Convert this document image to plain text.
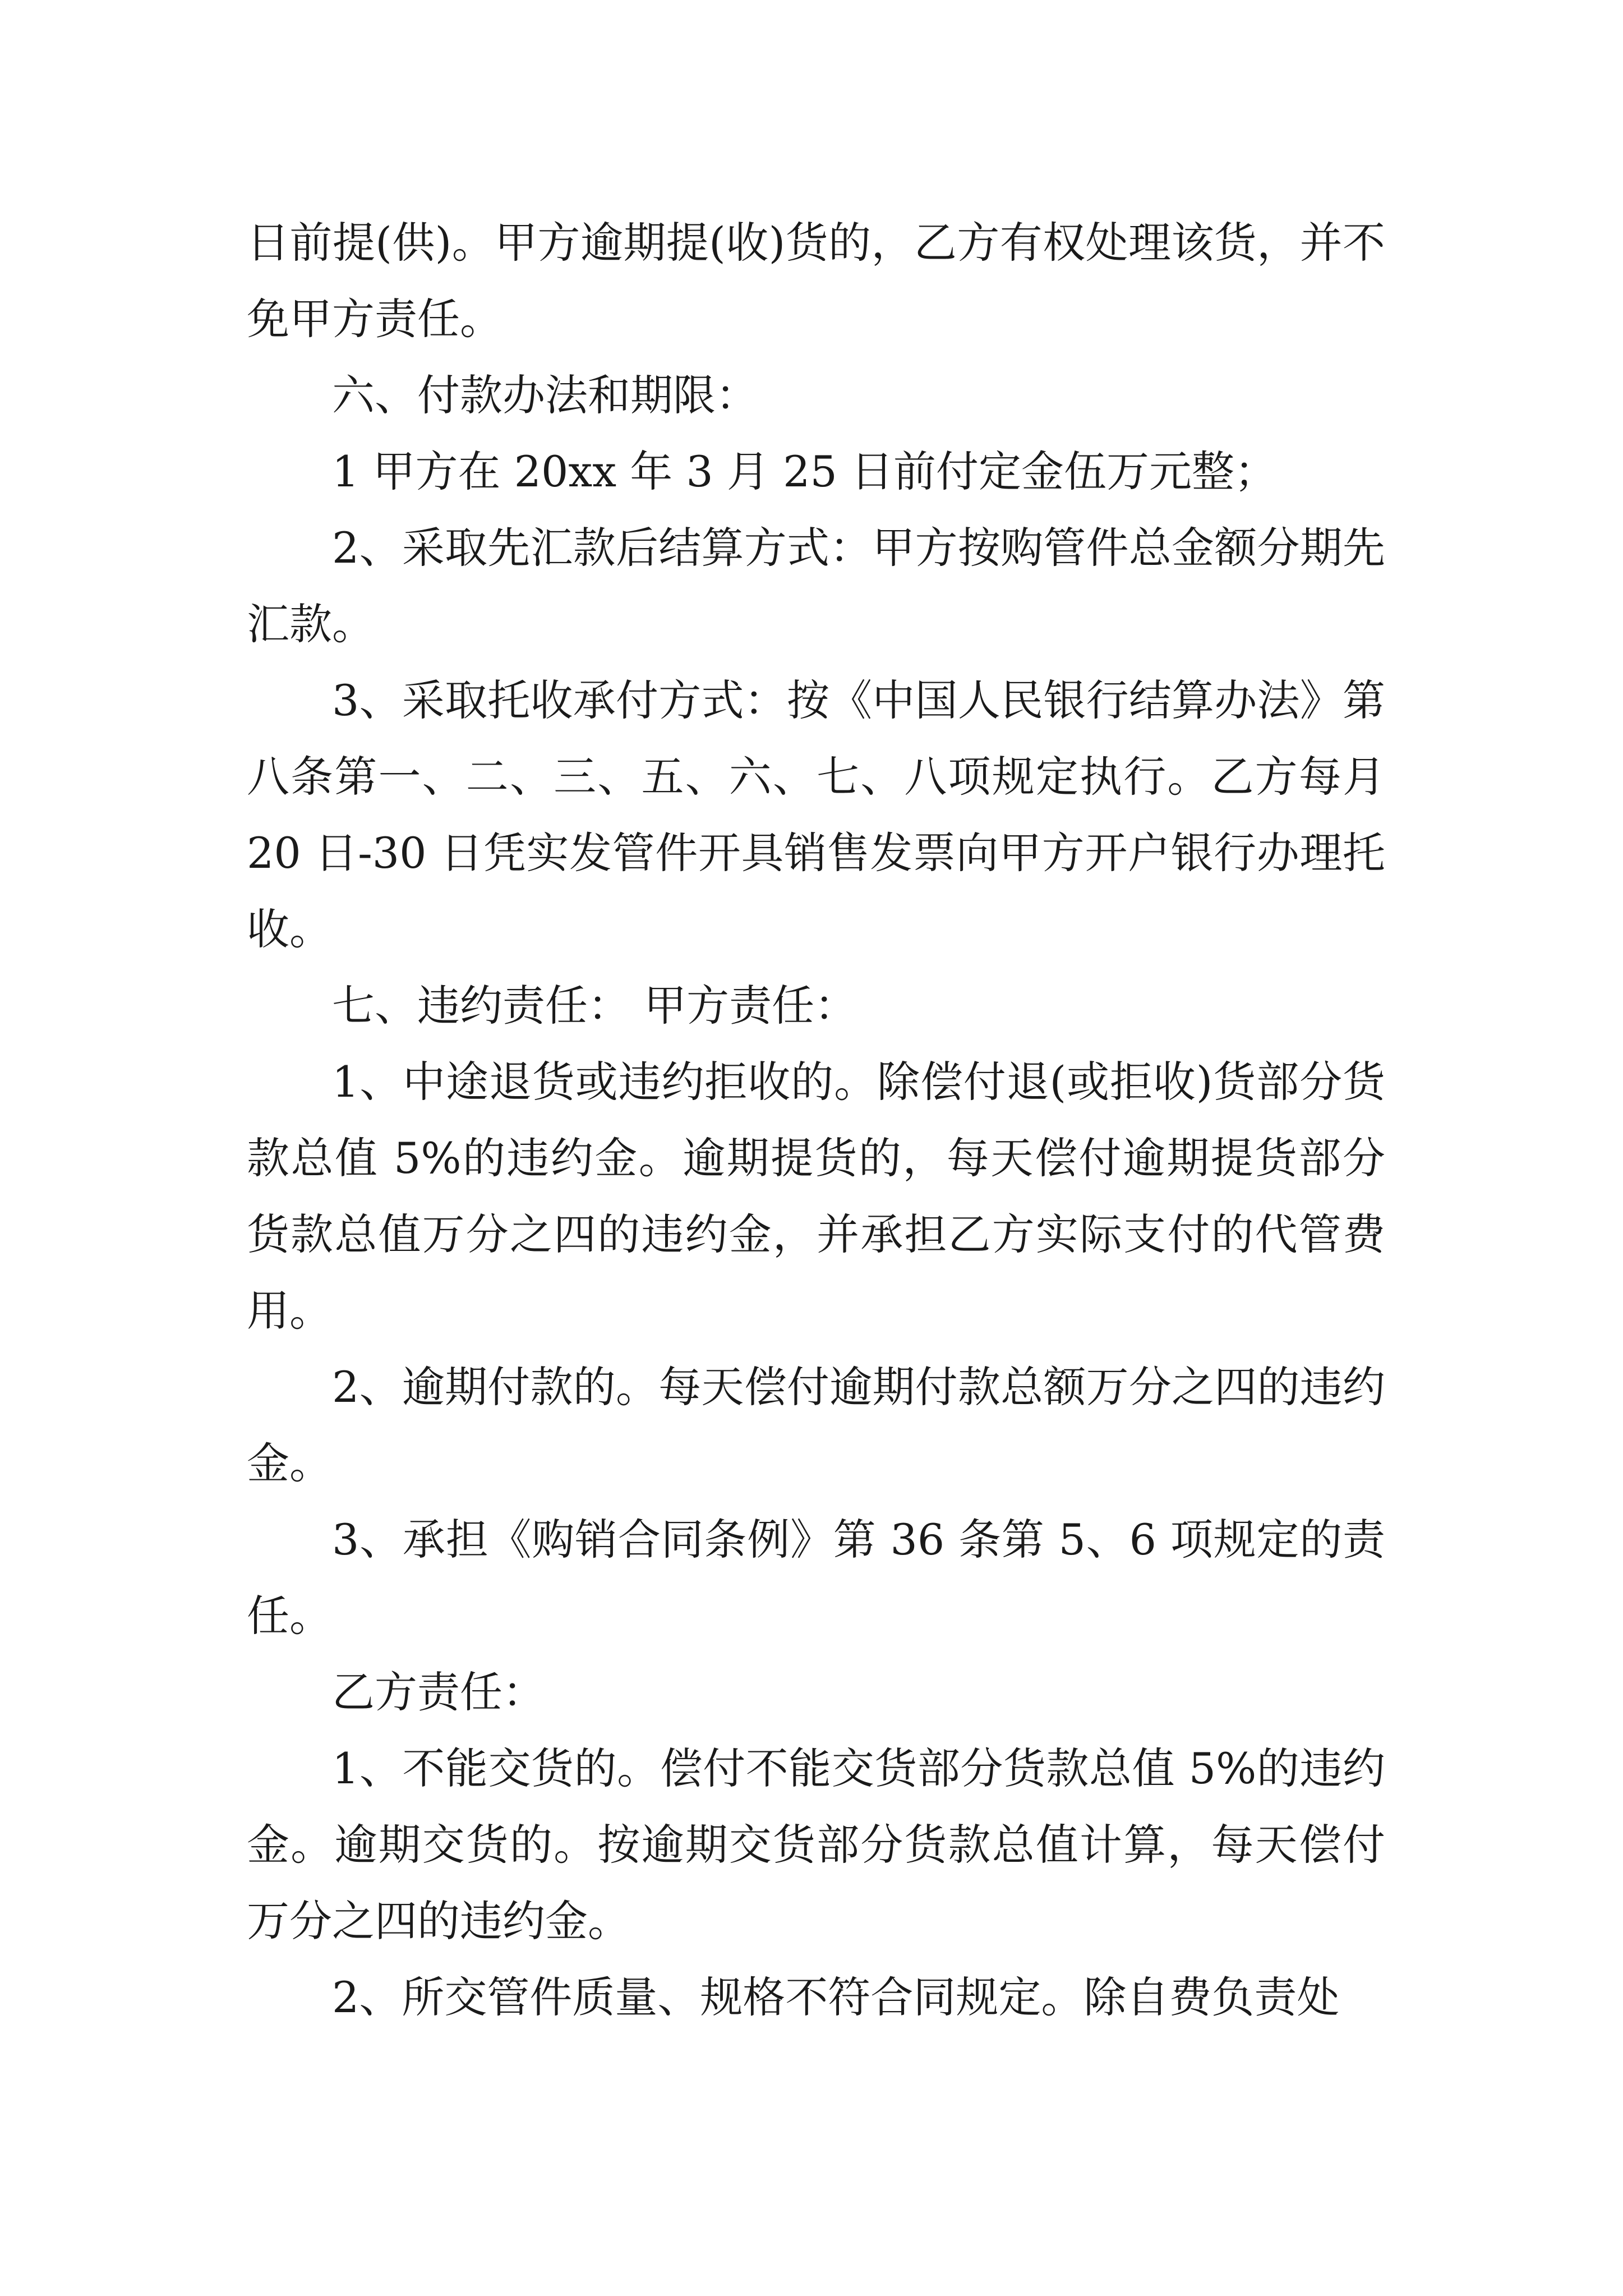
日前提(供)。甲方逾期提(收)货的，乙方有权处理该货，并不免甲方责任。

六、付款办法和期限：

1 甲方在 20xx 年 3 月 25 日前付定金伍万元整；

2、采取先汇款后结算方式：甲方按购管件总金额分期先汇款。

3、采取托收承付方式：按《中国人民银行结算办法》第八条第一、二、三、五、六、七、八项规定执行。乙方每月 20 日-30 日凭实发管件开具销售发票向甲方开户银行办理托收。

七、违约责任： 甲方责任：

1、中途退货或违约拒收的。除偿付退(或拒收)货部分货款总值 5%的违约金。逾期提货的，每天偿付逾期提货部分货款总值万分之四的违约金，并承担乙方实际支付的代管费用。

2、逾期付款的。每天偿付逾期付款总额万分之四的违约金。

3、承担《购销合同条例》第 36 条第 5、6 项规定的责任。

乙方责任：

1、不能交货的。偿付不能交货部分货款总值 5%的违约金。逾期交货的。按逾期交货部分货款总值计算，每天偿付万分之四的违约金。

2、所交管件质量、规格不符合同规定。除自费负责处
